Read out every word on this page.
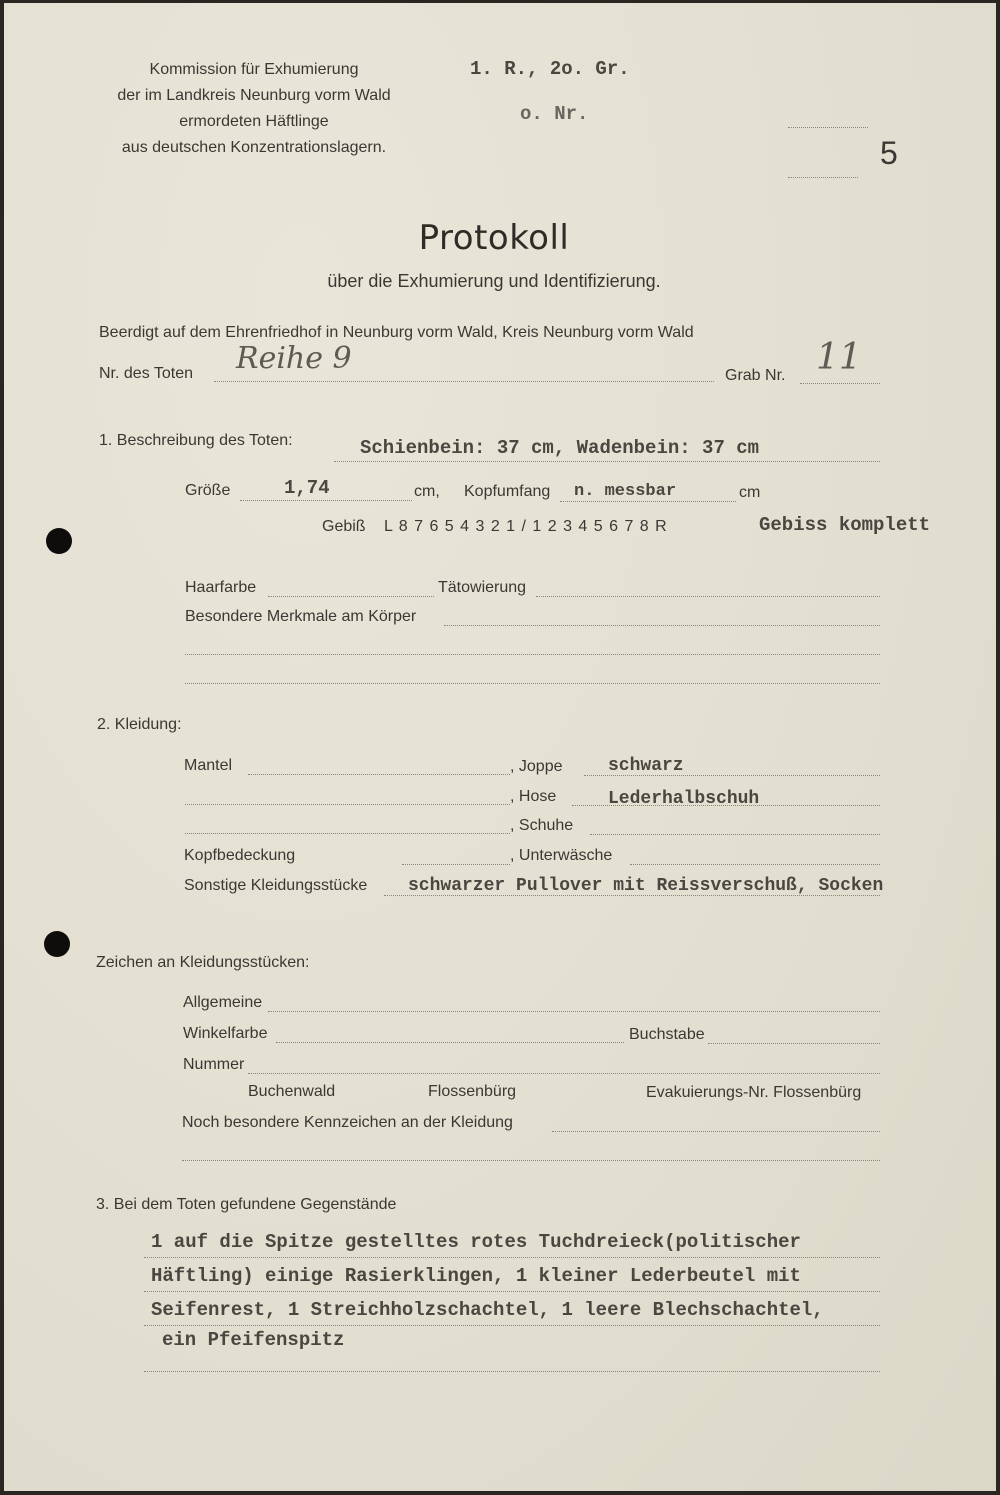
Kommission für Exhumierung
der im Landkreis Neunburg vorm Wald
ermordeten Häftlinge
aus deutschen Konzentrationslagern.
1. R., 2o. Gr.
o. Nr.
5
Protokoll
über die Exhumierung und Identifizierung.
Beerdigt auf dem Ehrenfriedhof in Neunburg vorm Wald, Kreis Neunburg vorm Wald
Nr. des Toten Reihe 9	Grab Nr. 11
1. Beschreibung des Toten:	Schienbein: 37 cm, Wadenbein: 37 cm
Größe	1,74	cm, Kopfumfang n. messbar	cm
Gebiß L 8 7 6 5 4 3 2 1 / 1 2 3 4 5 6 7 8 R	Gebiss komplett
Haarfarbe	Tätowierung
Besondere Merkmale am Körper
2. Kleidung:
Mantel	, Joppe	schwarz
, Hose	Lederhalbschuh
, Schuhe
Kopfbedeckung	, Unterwäsche
Sonstige Kleidungsstücke schwarzer Pullover mit Reissverschuß, Socken
Zeichen an Kleidungsstücken:
Allgemeine
Winkelfarbe	Buchstabe
Nummer
Buchenwald	Flossenbürg	Evakuierungs-Nr. Flossenbürg
Noch besondere Kennzeichen an der Kleidung
3. Bei dem Toten gefundene Gegenstände
1 auf die Spitze gestelltes rotes Tuchdreieck(politischer
Häftling) einige Rasierklingen, 1 kleiner Lederbeutel mit
Seifenrest, 1 Streichholzschachtel, 1 leere Blechschachtel,
ein Pfeifenspitz
